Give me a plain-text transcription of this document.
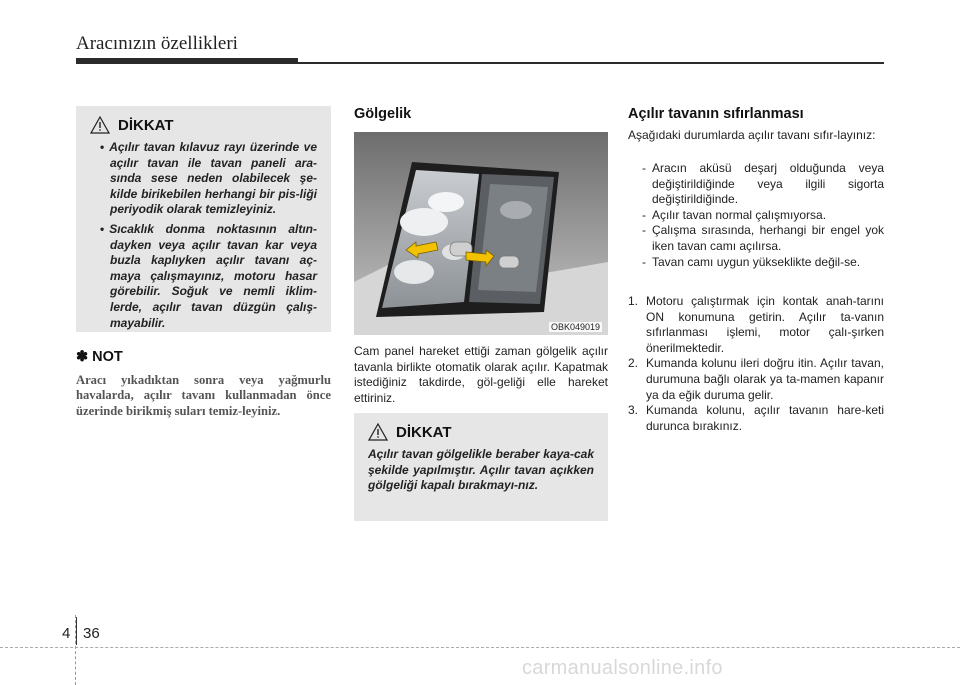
Aracınızın özellikleri
DİKKAT
• Açılır tavan kılavuz rayı üzerinde ve açılır tavan ile tavan paneli ara-sında sese neden olabilecek şe-kilde birikebilen herhangi bir pis-liği periyodik olarak temizleyiniz.
• Sıcaklık donma noktasının altın-dayken veya açılır tavan kar veya buzla kaplıyken açılır tavanı aç-maya çalışmayınız, motoru hasar görebilir. Soğuk ve nemli iklim-lerde, açılır tavan düzgün çalış-mayabilir.
✽ NOT
Aracı yıkadıktan sonra veya yağmurlu havalarda, açılır tavanı kullanmadan önce üzerinde birikmiş suları temiz-leyiniz.
Gölgelik
OBK049019
Cam panel hareket ettiği zaman gölgelik açılır tavanla birlikte otomatik olarak açılır. Kapatmak istediğiniz takdirde, göl-geliği elle hareket ettiriniz.
DİKKAT

Açılır tavan gölgelikle beraber kaya-cak şekilde yapılmıştır. Açılır tavan açıkken gölgeliği kapalı bırakmayı-nız.

Açılır tavanın sıfırlanması
Aşağıdaki durumlarda açılır tavanı sıfır-layınız:
- Aracın aküsü deşarj olduğunda veya değiştirildiğinde veya ilgili sigorta değiştirildiğinde.
- Açılır tavan normal çalışmıyorsa.
- Çalışma sırasında, herhangi bir engel yok iken tavan camı açılırsa.
- Tavan camı uygun yükseklikte değil-se.
1. Motoru çalıştırmak için kontak anah-tarını ON konumuna getirin. Açılır ta-vanın sıfırlanması işlemi, motor çalı-şırken önerilmektedir.
2. Kumanda kolunu ileri doğru itin. Açılır tavan, durumuna bağlı olarak ya ta-mamen kapanır ya da eğik duruma gelir.
3. Kumanda kolunu, açılır tavanın hare-keti durunca bırakınız.
4 36
carmanualsonline.info
